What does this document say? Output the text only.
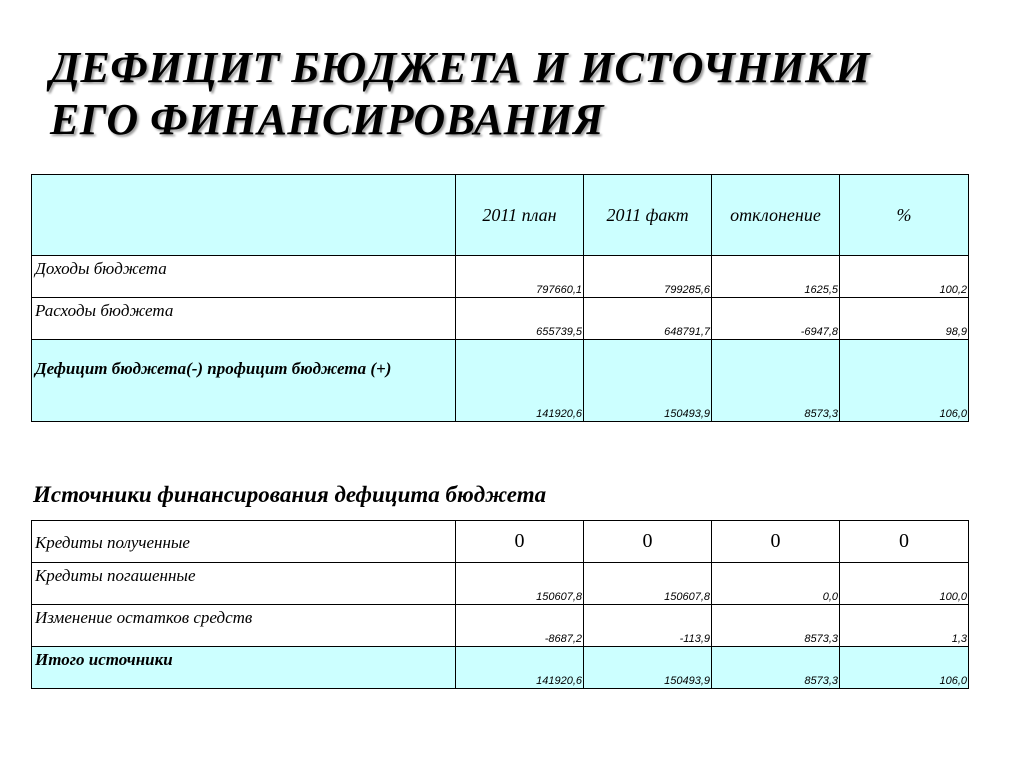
ДЕФИЦИТ БЮДЖЕТА И ИСТОЧНИКИ
ЕГО ФИНАНСИРОВАНИЯ
	2011 план	2011 факт	отклонение	%
Доходы бюджета	797660,1	799285,6	1625,5	100,2
Расходы бюджета	655739,5	648791,7	-6947,8	98,9
Дефицит бюджета(-) профицит бюджета (+)	141920,6	150493,9	8573,3	106,0
Источники финансирования дефицита бюджета
Кредиты полученные	0	0	0	0
Кредиты погашенные	150607,8	150607,8	0,0	100,0
Изменение остатков средств	-8687,2	-113,9	8573,3	1,3
Итого источники	141920,6	150493,9	8573,3	106,0
